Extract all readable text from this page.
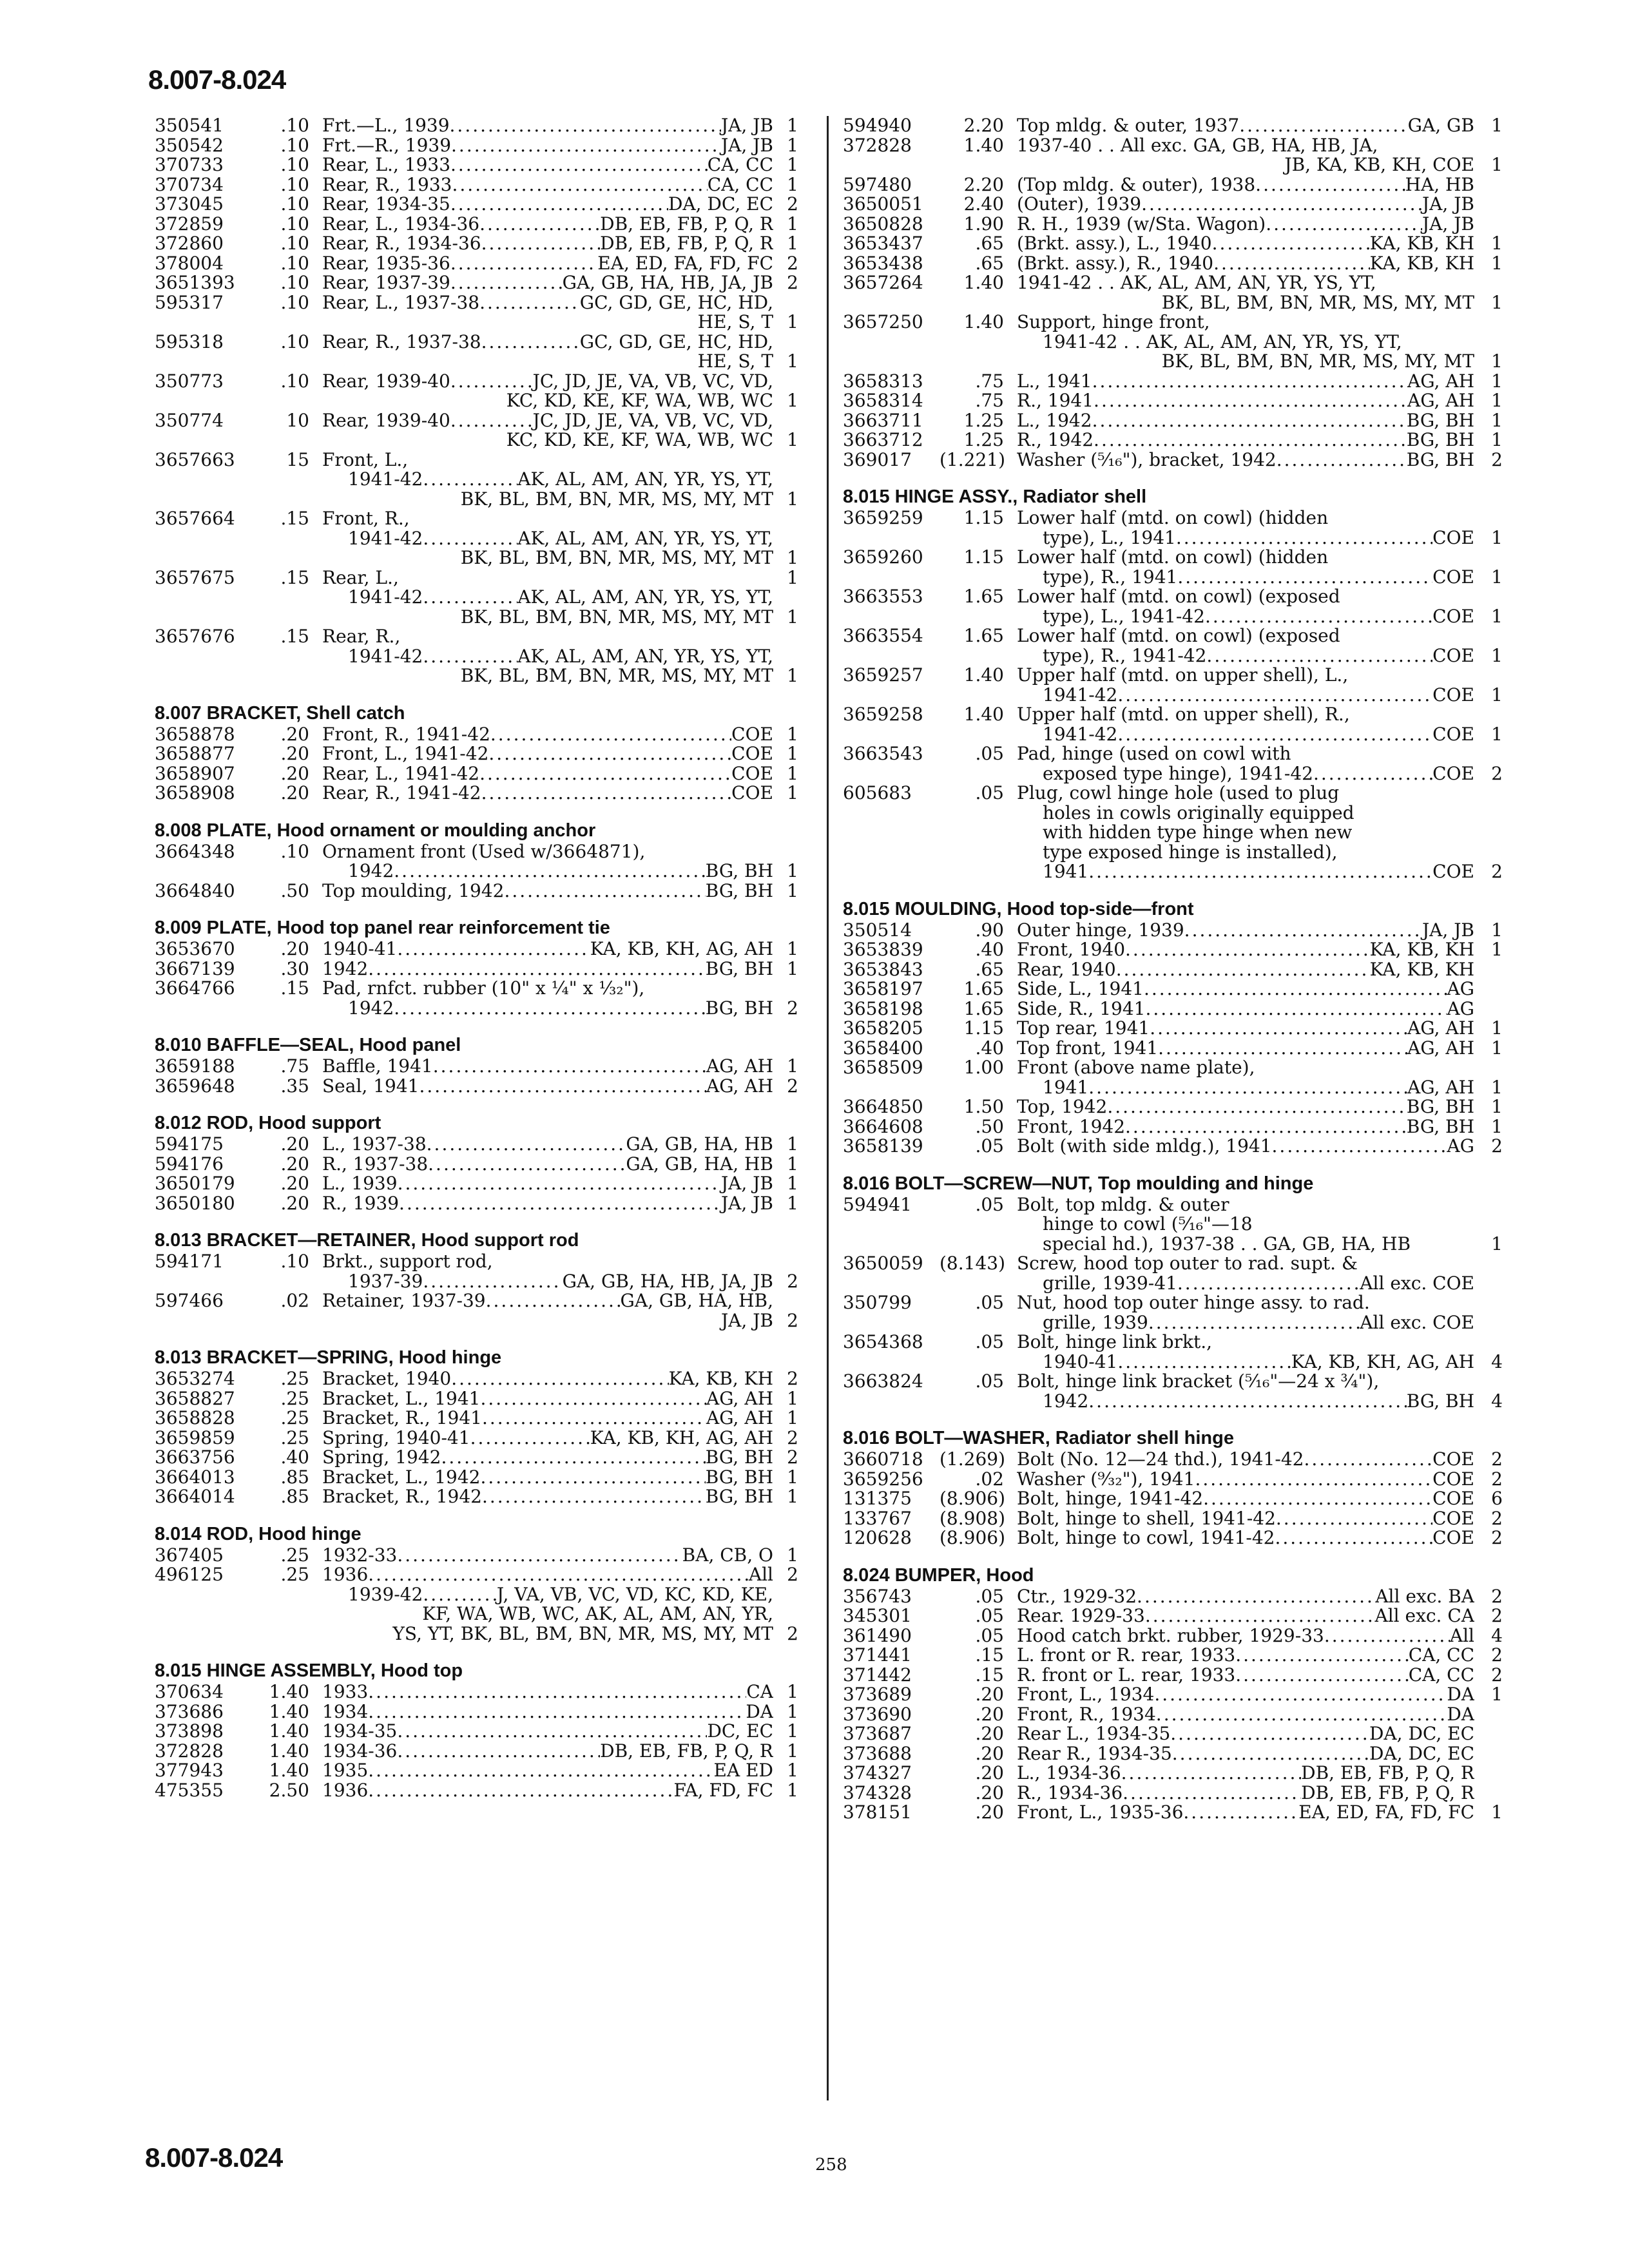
8.007-8.024
350541	.10 Frt.—L., 1939 .....	JA, JB 1
350542	.10 Frt.—R., 1939 .....	JA, JB 1
370733	.10 Rear, L., 1933 .....	CA, CC 1
370734	.10 Rear, R., 1933 .....	CA, CC 1
373045	.10 Rear, 1934-35 .....	DA, DC, EC 2
372859	.10 Rear, L., 1934-36 .....	DB, EB, FB, P, Q, R 1
372860	.10 Rear, R., 1934-36 .....	DB, EB, FB, P, Q, R 1
378004	.10 Rear, 1935-36 .....	EA, ED, FA, FD, FC 2
3651393	.10 Rear, 1937-39 .....	GA, GB, HA, HB, JA, JB 2
595317	.10 Rear, L., 1937-38 .....	GC, GD, GE, HC, HD,
HE, S, T 1
595318	.10 Rear, R., 1937-38 .....	GC, GD, GE, HC, HD,
HE, S, T 1
350773	.10 Rear, 1939-40 .....	JC, JD, JE, VA, VB, VC, VD,
KC, KD, KE, KF, WA, WB, WC 1
350774	10 Rear, 1939-40 .....	JC, JD, JE, VA, VB, VC, VD,
KC, KD, KE, KF, WA, WB, WC 1
3657663	15 Front, L.,
1941-42 .....	AK, AL, AM, AN, YR, YS, YT,
BK, BL, BM, BN, MR, MS, MY, MT 1
3657664	.15 Front, R.,
1941-42 .....	AK, AL, AM, AN, YR, YS, YT,
BK, BL, BM, BN, MR, MS, MY, MT 1
3657675	.15 Rear, L.,	1
1941-42 .....	AK, AL, AM, AN, YR, YS, YT,
BK, BL, BM, BN, MR, MS, MY, MT 1
3657676	.15 Rear, R.,
1941-42 .....	AK, AL, AM, AN, YR, YS, YT,
BK, BL, BM, BN, MR, MS, MY, MT 1
8.007 BRACKET, Shell catch
3658878	.20 Front, R., 1941-42 .....	COE 1
3658877	.20 Front, L., 1941-42 .....	COE 1
3658907	.20 Rear, L., 1941-42 .....	COE 1
3658908	.20 Rear, R., 1941-42 .....	COE 1
8.008 PLATE, Hood ornament or moulding anchor
3664348	.10 Ornament front (Used w/3664871),
1942 .....	BG, BH 1
3664840	.50 Top moulding, 1942 .....	BG, BH 1
8.009 PLATE, Hood top panel rear reinforcement tie
3653670	.20 1940-41 .....	KA, KB, KH, AG, AH 1
3667139	.30 1942 .....	BG, BH 1
3664766	.15 Pad, rnfct. rubber (10" x ¼" x ⅓₂"),
1942 .....	BG, BH 2
8.010 BAFFLE—SEAL, Hood panel
3659188	.75 Baffle, 1941 .....	AG, AH 1
3659648	.35 Seal, 1941 .....	AG, AH 2
8.012 ROD, Hood support
594175	.20 L., 1937-38 .....	GA, GB, HA, HB 1
594176	.20 R., 1937-38 .....	GA, GB, HA, HB 1
3650179	.20 L., 1939 .....	JA, JB 1
3650180	.20 R., 1939 .....	JA, JB 1
8.013 BRACKET—RETAINER, Hood support rod
594171	.10 Brkt., support rod,
1937-39 .....	GA, GB, HA, HB, JA, JB 2
597466	.02 Retainer, 1937-39 .....	GA, GB, HA, HB,
JA, JB 2
8.013 BRACKET—SPRING, Hood hinge
3653274	.25 Bracket, 1940 .....	KA, KB, KH 2
3658827	.25 Bracket, L., 1941 .....	AG, AH 1
3658828	.25 Bracket, R., 1941 .....	AG, AH 1
3659859	.25 Spring, 1940-41 .....	KA, KB, KH, AG, AH 2
3663756	.40 Spring, 1942 .....	BG, BH 2
3664013	.85 Bracket, L., 1942 .....	BG, BH 1
3664014	.85 Bracket, R., 1942 .....	BG, BH 1
8.014 ROD, Hood hinge
367405	.25 1932-33 .....	BA, CB, O 1
496125	.25 1936 .....	All 2
1939-42 .....	J, VA, VB, VC, VD, KC, KD, KE,
KF, WA, WB, WC, AK, AL, AM, AN, YR,
YS, YT, BK, BL, BM, BN, MR, MS, MY, MT 2
8.015 HINGE ASSEMBLY, Hood top
370634	1.40 1933 .....	CA 1
373686	1.40 1934 .....	DA 1
373898	1.40 1934-35 .....	DC, EC 1
372828	1.40 1934-36 .....	DB, EB, FB, P, Q, R 1
377943	1.40 1935 .....	EA ED 1
475355	2.50 1936 .....	FA, FD, FC 1
594940	2.20 Top mldg. & outer, 1937 .....	GA, GB 1
372828	1.40 1937-40 . . All exc. GA, GB, HA, HB, JA,
JB, KA, KB, KH, COE 1
597480	2.20 (Top mldg. & outer), 1938 .....	HA, HB
3650051	2.40 (Outer), 1939 .....	JA, JB
3650828	1.90 R. H., 1939 (w/Sta. Wagon) .....	JA, JB
3653437	.65 (Brkt. assy.), L., 1940 .....	KA, KB, KH 1
3653438	.65 (Brkt. assy.), R., 1940 .....	KA, KB, KH 1
3657264	1.40 1941-42 . . AK, AL, AM, AN, YR, YS, YT,
BK, BL, BM, BN, MR, MS, MY, MT 1
3657250	1.40 Support, hinge front,
1941-42 . . AK, AL, AM, AN, YR, YS, YT,
BK, BL, BM, BN, MR, MS, MY, MT 1
3658313	.75 L., 1941 .....	AG, AH 1
3658314	.75 R., 1941 .....	AG, AH 1
3663711	1.25 L., 1942 .....	BG, BH 1
3663712	1.25 R., 1942 .....	BG, BH 1
369017	(1.221) Washer (⁵⁄₁₆"), bracket, 1942 .....	BG, BH 2
8.015 HINGE ASSY., Radiator shell
3659259	1.15 Lower half (mtd. on cowl) (hidden
type), L., 1941 .....	COE 1
3659260	1.15 Lower half (mtd. on cowl) (hidden
type), R., 1941 .....	COE 1
3663553	1.65 Lower half (mtd. on cowl) (exposed
type), L., 1941-42 .....	COE 1
3663554	1.65 Lower half (mtd. on cowl) (exposed
type), R., 1941-42 .....	COE 1
3659257	1.40 Upper half (mtd. on upper shell), L.,
1941-42 .....	COE 1
3659258	1.40 Upper half (mtd. on upper shell), R.,
1941-42 .....	COE 1
3663543	.05 Pad, hinge (used on cowl with
exposed type hinge), 1941-42 .....	COE 2
605683	.05 Plug, cowl hinge hole (used to plug
holes in cowls originally equipped
with hidden type hinge when new
type exposed hinge is installed),
1941 .....	COE 2
8.015 MOULDING, Hood top-side—front
350514	.90 Outer hinge, 1939 .....	JA, JB 1
3653839	.40 Front, 1940 .....	KA, KB, KH 1
3653843	.65 Rear, 1940 .....	KA, KB, KH
3658197	1.65 Side, L., 1941 .....	AG
3658198	1.65 Side, R., 1941 .....	AG
3658205	1.15 Top rear, 1941 .....	AG, AH 1
3658400	.40 Top front, 1941 .....	AG, AH 1
3658509	1.00 Front (above name plate),
1941 .....	AG, AH 1
3664850	1.50 Top, 1942 .....	BG, BH 1
3664608	.50 Front, 1942 .....	BG, BH 1
3658139	.05 Bolt (with side mldg.), 1941 .....	AG 2
8.016 BOLT—SCREW—NUT, Top moulding and hinge
594941	.05 Bolt, top mldg. & outer
hinge to cowl (⁵⁄₁₆"—18
special hd.), 1937-38 . . GA, GB, HA, HB	1
3650059 (8.143) Screw, hood top outer to rad. supt. &
grille, 1939-41 .....	All exc. COE
350799	.05 Nut, hood top outer hinge assy. to rad.
grille, 1939 .....	All exc. COE
3654368	.05 Bolt, hinge link brkt.,
1940-41 .....	KA, KB, KH, AG, AH 4
3663824	.05 Bolt, hinge link bracket (⁵⁄₁₆"—24 x ¾"),
1942 .....	BG, BH 4
8.016 BOLT—WASHER, Radiator shell hinge
3660718 (1.269) Bolt (No. 12—24 thd.), 1941-42 .....	COE 2
3659256	.02 Washer (⁹⁄₃₂"), 1941 .....	COE 2
131375	(8.906) Bolt, hinge, 1941-42 .....	COE 6
133767	(8.908) Bolt, hinge to shell, 1941-42 .....	COE 2
120628	(8.906) Bolt, hinge to cowl, 1941-42 .....	COE 2
8.024 BUMPER, Hood
356743	.05 Ctr., 1929-32 .....	All exc. BA 2
345301	.05 Rear. 1929-33 .....	All exc. CA 2
361490	.05 Hood catch brkt. rubber, 1929-33 .....	All 4
371441	.15 L. front or R. rear, 1933 .....	CA, CC 2
371442	.15 R. front or L. rear, 1933 .....	CA, CC 2
373689	.20 Front, L., 1934 .....	DA 1
373690	.20 Front, R., 1934 .....	DA
373687	.20 Rear L., 1934-35 .....	DA, DC, EC
373688	.20 Rear R., 1934-35 .....	DA, DC, EC
374327	.20 L., 1934-36 .....	DB, EB, FB, P, Q, R
374328	.20 R., 1934-36 .....	DB, EB, FB, P, Q, R
378151	.20 Front, L., 1935-36 .....	EA, ED, FA, FD, FC 1
8.007-8.024	258
